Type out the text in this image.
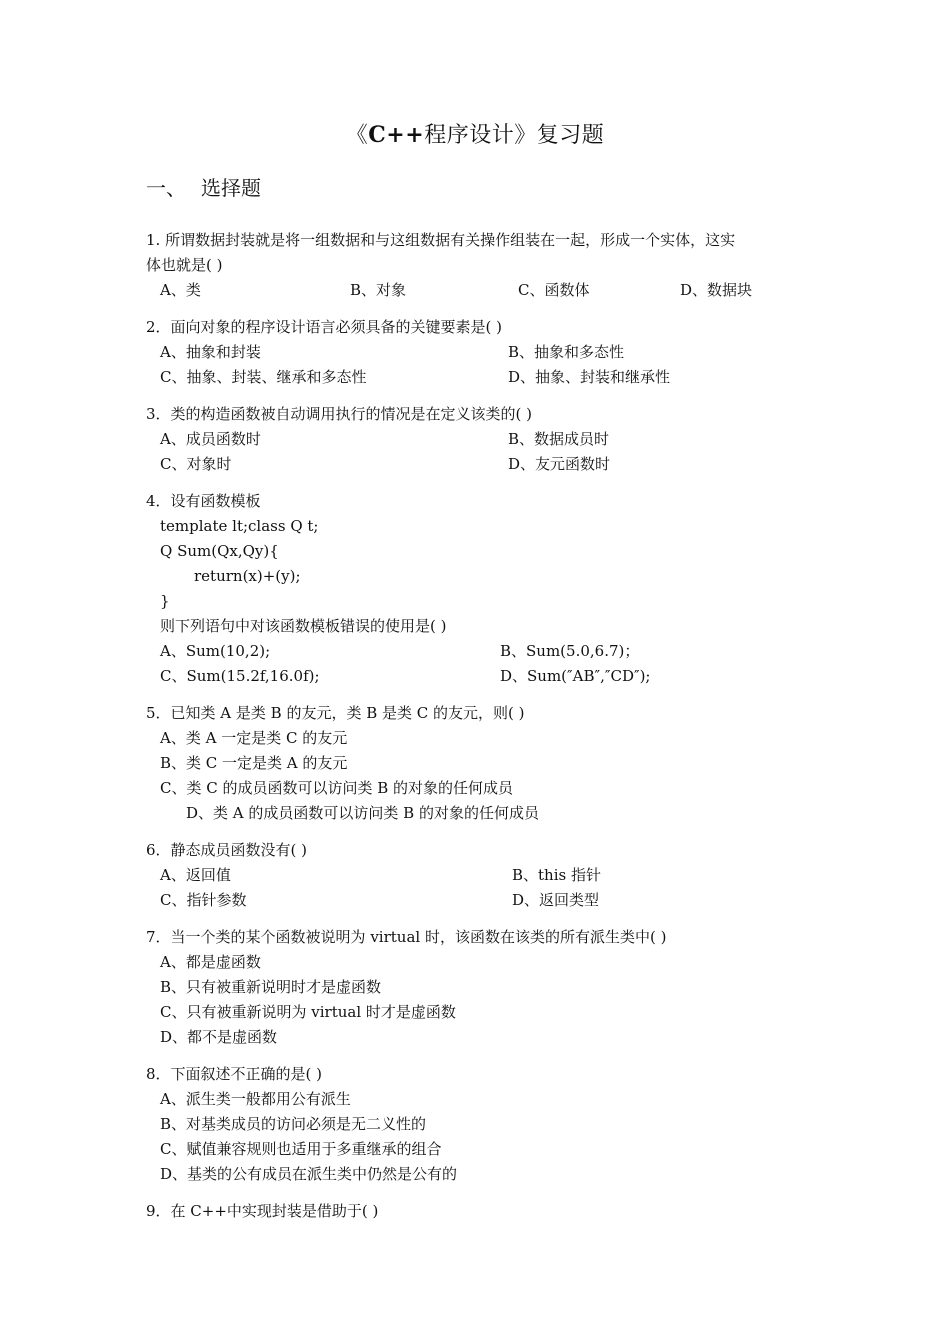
《C++程序设计》复习题
一、 选择题
1. 所谓数据封装就是将一组数据和与这组数据有关操作组装在一起，形成一个实体，这实
体也就是( )
A、类	B、对象	C、函数体	D、数据块
2．面向对象的程序设计语言必须具备的关键要素是( )
A、抽象和封装	B、抽象和多态性
C、抽象、封装、继承和多态性	D、抽象、封装和继承性
3．类的构造函数被自动调用执行的情况是在定义该类的( )
A、成员函数时	B、数据成员时
C、对象时	D、友元函数时
4．设有函数模板
template lt;class Q t;
Q Sum(Qx,Qy){
return(x)+(y);
}
则下列语句中对该函数模板错误的使用是( )
A、Sum(10,2);	B、Sum(5.0,6.7)；
C、Sum(15.2f,16.0f);	D、Sum(″AB″,″CD″);
5．已知类 A 是类 B 的友元，类 B 是类 C 的友元，则( )
A、类 A 一定是类 C 的友元
B、类 C 一定是类 A 的友元
C、类 C 的成员函数可以访问类 B 的对象的任何成员
D、类 A 的成员函数可以访问类 B 的对象的任何成员
6．静态成员函数没有( )
A、返回值	B、this 指针
C、指针参数	D、返回类型
7．当一个类的某个函数被说明为 virtual 时，该函数在该类的所有派生类中( )
A、都是虚函数
B、只有被重新说明时才是虚函数
C、只有被重新说明为 virtual 时才是虚函数
D、都不是虚函数
8．下面叙述不正确的是( )
A、派生类一般都用公有派生
B、对基类成员的访问必须是无二义性的
C、赋值兼容规则也适用于多重继承的组合
D、基类的公有成员在派生类中仍然是公有的
9．在 C++中实现封装是借助于( )
